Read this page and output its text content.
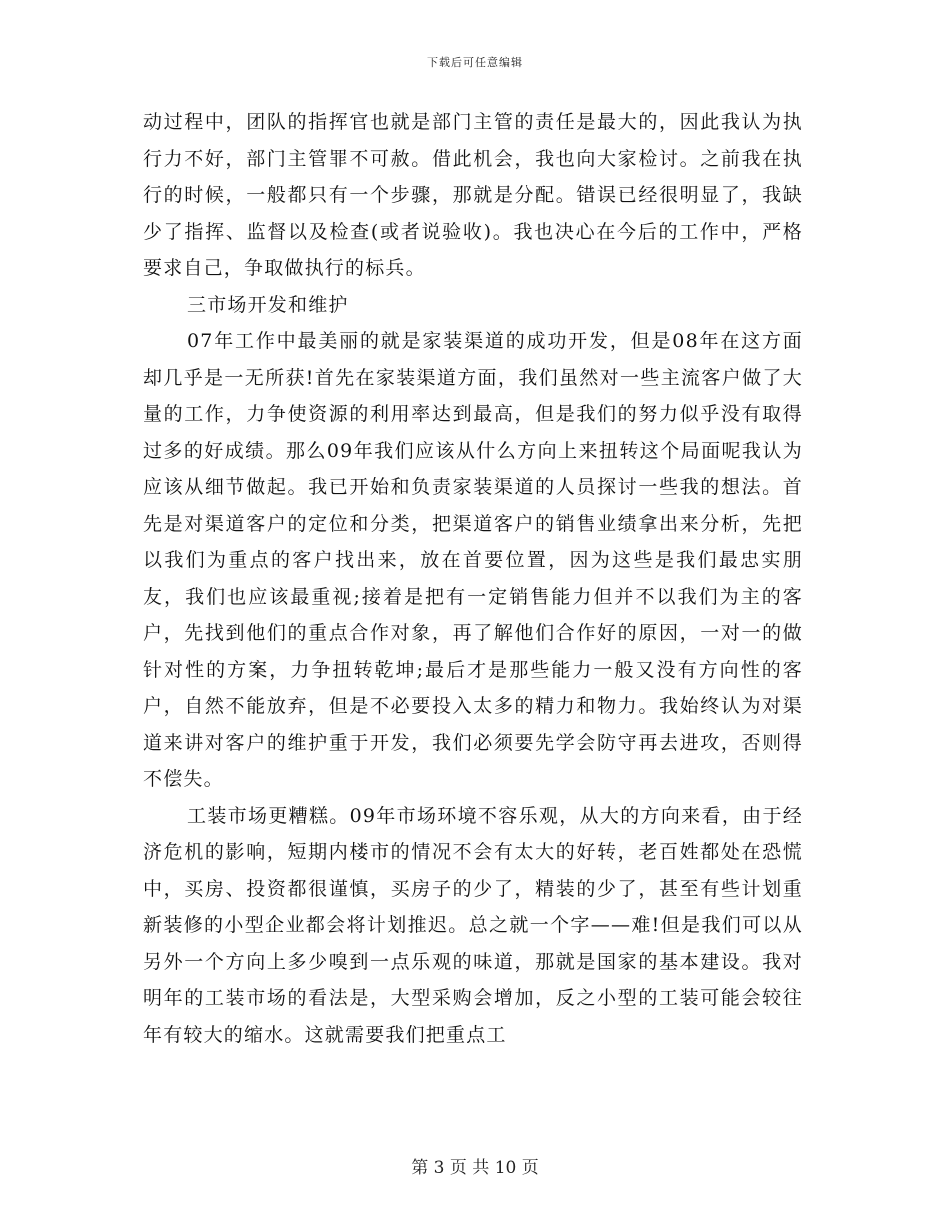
下载后可任意编辑

动过程中，团队的指挥官也就是部门主管的责任是最大的，因此我认为执行力不好，部门主管罪不可赦。借此机会，我也向大家检讨。之前我在执行的时候，一般都只有一个步骤，那就是分配。错误已经很明显了，我缺少了指挥、监督以及检查(或者说验收)。我也决心在今后的工作中，严格要求自己，争取做执行的标兵。

三市场开发和维护

07年工作中最美丽的就是家装渠道的成功开发，但是08年在这方面却几乎是一无所获!首先在家装渠道方面，我们虽然对一些主流客户做了大量的工作，力争使资源的利用率达到最高，但是我们的努力似乎没有取得过多的好成绩。那么09年我们应该从什么方向上来扭转这个局面呢我认为应该从细节做起。我已开始和负责家装渠道的人员探讨一些我的想法。首先是对渠道客户的定位和分类，把渠道客户的销售业绩拿出来分析，先把以我们为重点的客户找出来，放在首要位置，因为这些是我们最忠实朋友，我们也应该最重视;接着是把有一定销售能力但并不以我们为主的客户，先找到他们的重点合作对象，再了解他们合作好的原因，一对一的做针对性的方案，力争扭转乾坤;最后才是那些能力一般又没有方向性的客户，自然不能放弃，但是不必要投入太多的精力和物力。我始终认为对渠道来讲对客户的维护重于开发，我们必须要先学会防守再去进攻，否则得不偿失。

工装市场更糟糕。09年市场环境不容乐观，从大的方向来看，由于经济危机的影响，短期内楼市的情况不会有太大的好转，老百姓都处在恐慌中，买房、投资都很谨慎，买房子的少了，精装的少了，甚至有些计划重新装修的小型企业都会将计划推迟。总之就一个字——难!但是我们可以从另外一个方向上多少嗅到一点乐观的味道，那就是国家的基本建设。我对明年的工装市场的看法是，大型采购会增加，反之小型的工装可能会较往年有较大的缩水。这就需要我们把重点工

第 3 页 共 10 页
